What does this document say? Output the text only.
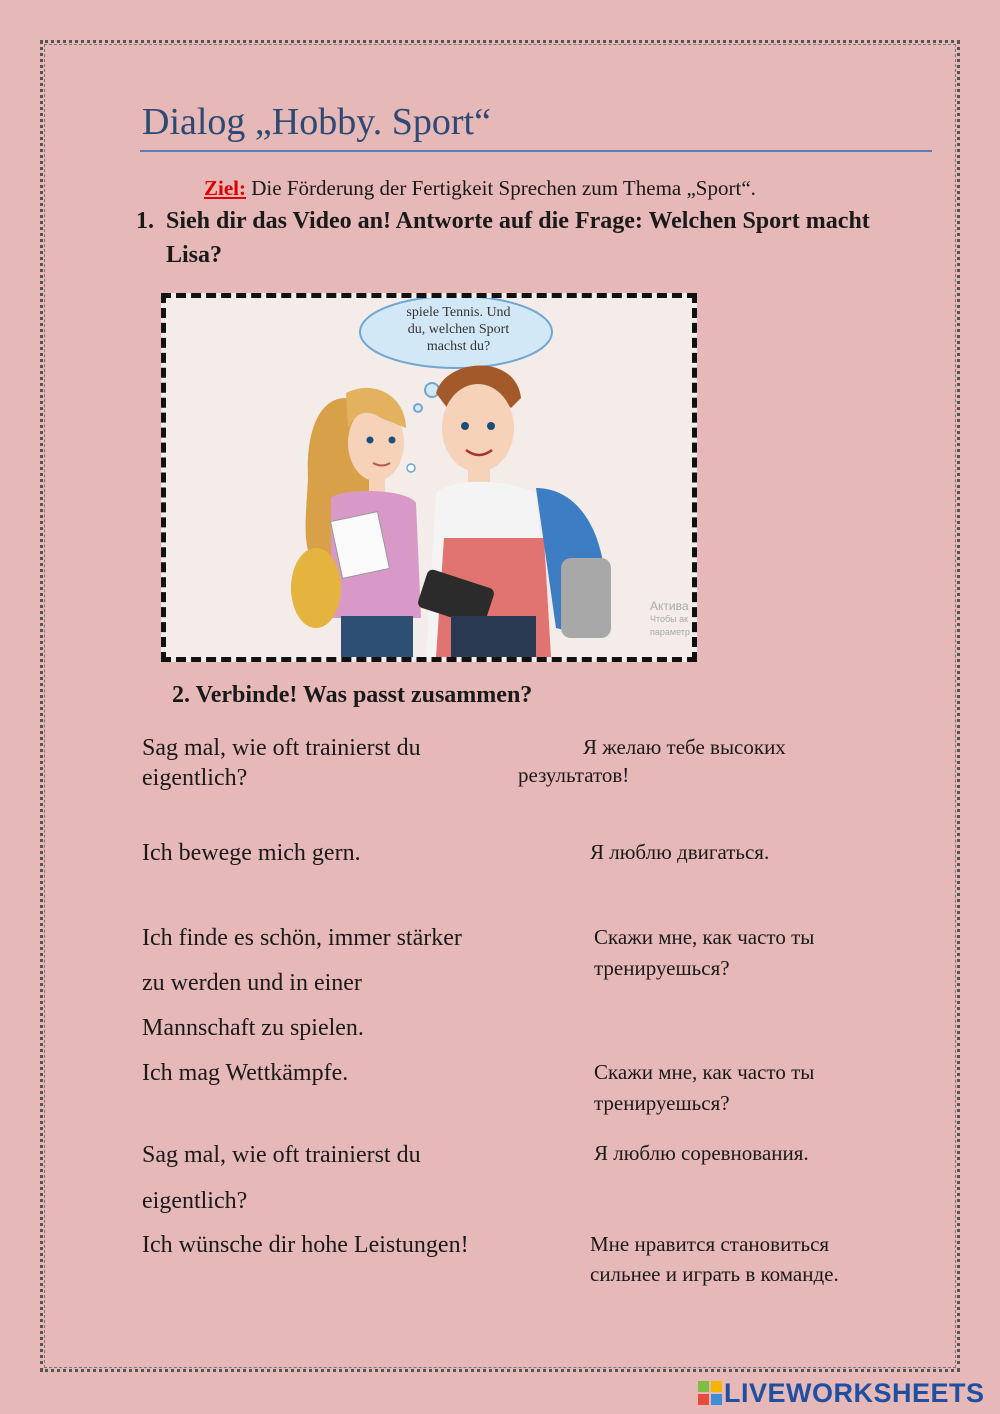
Dialog „Hobby. Sport“
Ziel: Die Förderung der Fertigkeit Sprechen zum Thema „Sport“.
1. Sieh dir das Video an! Antworte auf die Frage: Welchen Sport macht Lisa?
spiele Tennis. Und
du, welchen Sport
machst du?
Актива
Чтобы ак
параметр
2. Verbinde! Was passt zusammen?
Sag mal, wie oft trainierst du eigentlich?
Ich bewege mich gern.
Ich finde es schön, immer stärker
zu werden und in einer
Mannschaft zu spielen.
Ich mag Wettkämpfe.
Sag mal, wie oft trainierst du
eigentlich?
Ich wünsche dir hohe Leistungen!
Я желаю тебе высоких
результатов!
Я люблю двигаться.
Скажи мне, как часто ты
тренируешься?
Скажи мне, как часто ты
тренируешься?
Я люблю соревнования.
Мне нравится становиться
сильнее и играть в команде.
LIVEWORKSHEETS
